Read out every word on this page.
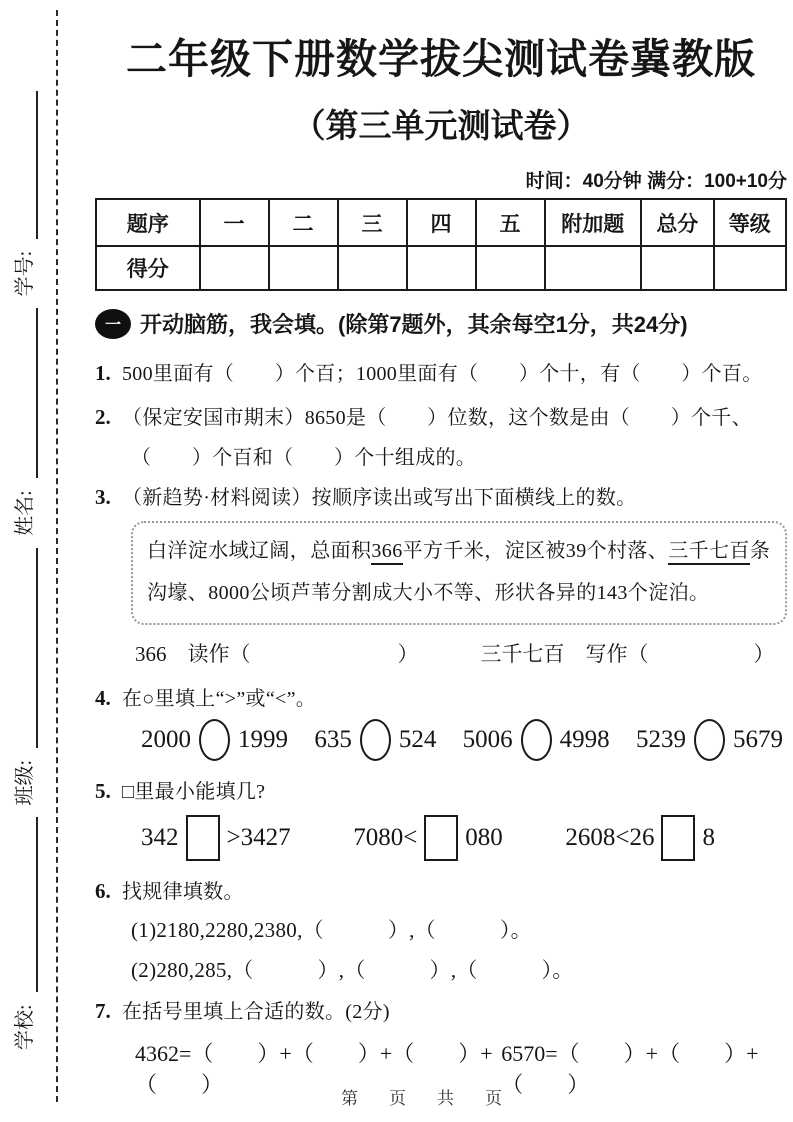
学校:
班级:
姓名:
学号:
二年级下册数学拔尖测试卷冀教版
（第三单元测试卷）
时间：40分钟 满分：100+10分
题序	一	二	三	四	五	附加题	总分	等级
得分								
一 开动脑筋，我会填。(除第7题外，其余每空1分，共24分)
1. 500里面有（　　）个百；1000里面有（　　）个十，有（　　）个百。
2. （保定安国市期末）8650是（　　）位数，这个数是由（　　）个千、
（　　）个百和（　　）个十组成的。
3. （新趋势·材料阅读）按顺序读出或写出下面横线上的数。
白洋淀水域辽阔，总面积366平方千米，淀区被39个村落、三千七百条沟壕、8000公顷芦苇分割成大小不等、形状各异的143个淀泊。
366　读作（　　　　　　　）	三千七百　写作（　　　　　）
4. 在○里填上“>”或“<”。
2000 1999 635 524 5006 4998 5239 5679
5. □里最小能填几?
342 >3427	7080< 080	2608<26 8
6. 找规律填数。
(1)2180,2280,2380,（　　　）,（　　　）。
(2)280,285,（　　　）,（　　　）,（　　　）。
7. 在括号里填上合适的数。(2分)
4362=（　　）+（　　）+（　　）+（　　）
6570=（　　）+（　　）+（　　）
第　页　共　页
